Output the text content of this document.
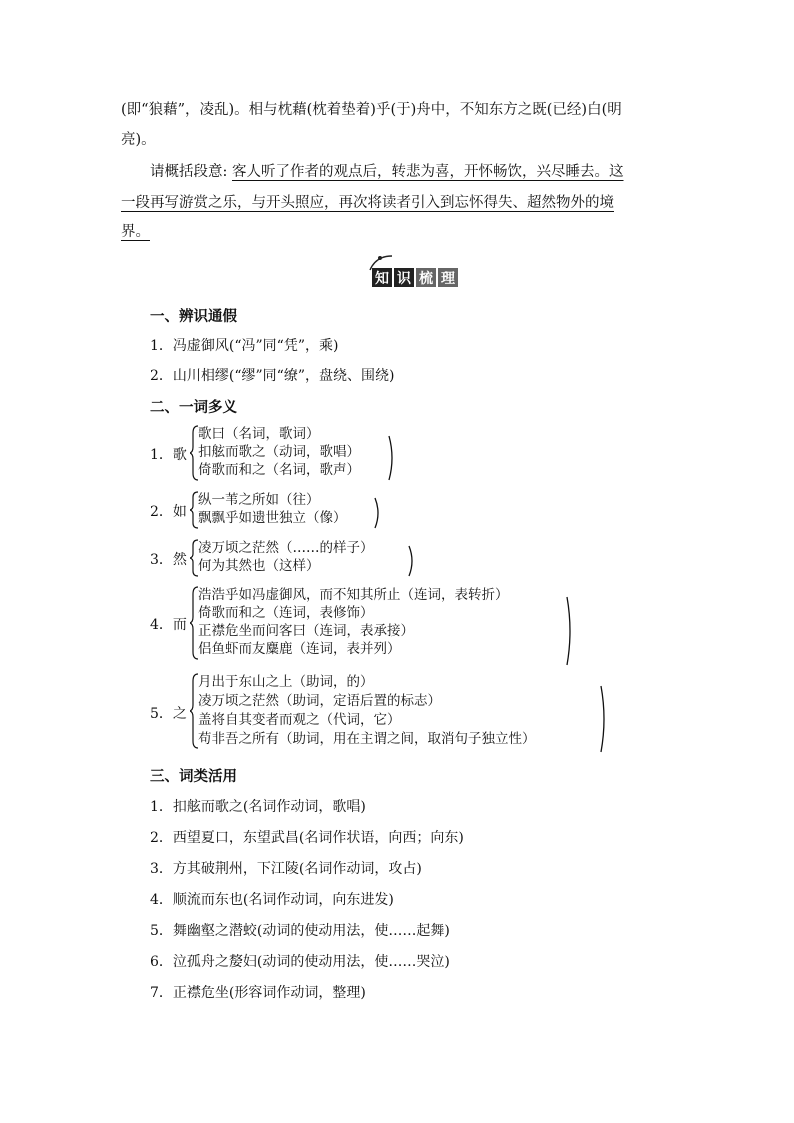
(即“狼藉”，凌乱)。相与枕藉(枕着垫着)乎(于)舟中，不知东方之既(已经)白(明
亮)。
请概括段意: 客人听了作者的观点后，转悲为喜，开怀畅饮，兴尽睡去。这
一段再写游赏之乐，与开头照应，再次将读者引入到忘怀得失、超然物外的境
界。
知 识 梳 理
一、辨识通假
1．冯虚御风(“冯”同“凭”，乘)
2．山川相缪(“缪”同“缭”，盘绕、围绕)
二、一词多义
1．歌
歌曰（名词，歌词）
扣舷而歌之（动词，歌唱）
倚歌而和之（名词，歌声）
2．如
纵一苇之所如（往）
飘飘乎如遗世独立（像）
3．然
凌万顷之茫然（……的样子）
何为其然也（这样）
4．而
浩浩乎如冯虚御风，而不知其所止（连词，表转折）
倚歌而和之（连词，表修饰）
正襟危坐而问客曰（连词，表承接）
侣鱼虾而友麋鹿（连词，表并列）
5．之
月出于东山之上（助词，的）
凌万顷之茫然（助词，定语后置的标志）
盖将自其变者而观之（代词，它）
苟非吾之所有（助词，用在主谓之间，取消句子独立性）
三、词类活用
1．扣舷而歌之(名词作动词，歌唱)
2．西望夏口，东望武昌(名词作状语，向西；向东)
3．方其破荆州，下江陵(名词作动词，攻占)
4．顺流而东也(名词作动词，向东进发)
5．舞幽壑之潜蛟(动词的使动用法，使……起舞)
6．泣孤舟之嫠妇(动词的使动用法，使……哭泣)
7．正襟危坐(形容词作动词，整理)
